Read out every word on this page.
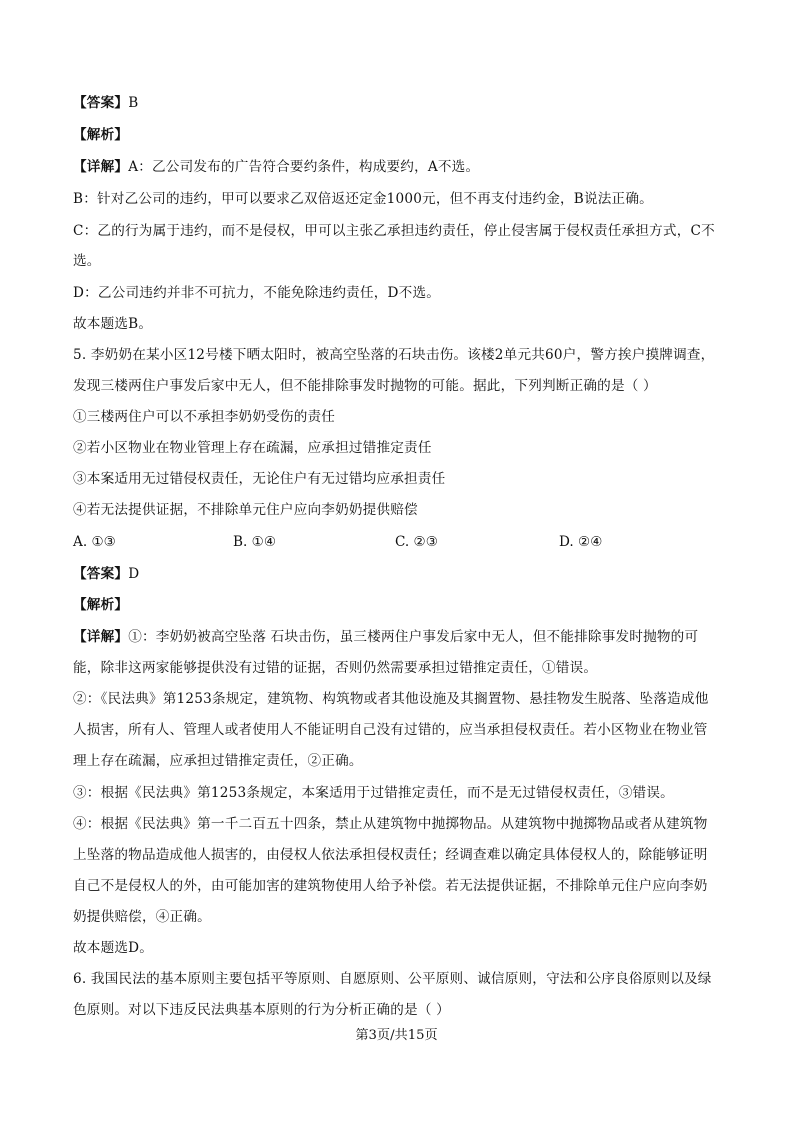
【答案】B
【解析】
【详解】A：乙公司发布的广告符合要约条件，构成要约，A不选。
B：针对乙公司的违约，甲可以要求乙双倍返还定金1000元，但不再支付违约金，B说法正确。
C：乙的行为属于违约，而不是侵权，甲可以主张乙承担违约责任，停止侵害属于侵权责任承担方式，C不
选。
D：乙公司违约并非不可抗力，不能免除违约责任，D不选。
故本题选B。
5. 李奶奶在某小区12号楼下晒太阳时，被高空坠落的石块击伤。该楼2单元共60户，警方挨户摸牌调查，
发现三楼两住户事发后家中无人，但不能排除事发时抛物的可能。据此，下列判断正确的是（ ）
①三楼两住户可以不承担李奶奶受伤的责任
②若小区物业在物业管理上存在疏漏，应承担过错推定责任
③本案适用无过错侵权责任，无论住户有无过错均应承担责任
④若无法提供证据，不排除单元住户应向李奶奶提供赔偿
A. ①③	B. ①④	C. ②③	D. ②④
【答案】D
【解析】
【详解】①：李奶奶被高空坠落 石块击伤，虽三楼两住户事发后家中无人，但不能排除事发时抛物的可
能，除非这两家能够提供没有过错的证据，否则仍然需要承担过错推定责任，①错误。
②：《民法典》第1253条规定，建筑物、构筑物或者其他设施及其搁置物、悬挂物发生脱落、坠落造成他
人损害，所有人、管理人或者使用人不能证明自己没有过错的，应当承担侵权责任。若小区物业在物业管
理上存在疏漏，应承担过错推定责任，②正确。
③：根据《民法典》第1253条规定，本案适用于过错推定责任，而不是无过错侵权责任，③错误。
④：根据《民法典》第一千二百五十四条，禁止从建筑物中抛掷物品。从建筑物中抛掷物品或者从建筑物
上坠落的物品造成他人损害的，由侵权人依法承担侵权责任；经调查难以确定具体侵权人的，除能够证明
自己不是侵权人的外，由可能加害的建筑物使用人给予补偿。若无法提供证据，不排除单元住户应向李奶
奶提供赔偿，④正确。
故本题选D。
6. 我国民法的基本原则主要包括平等原则、自愿原则、公平原则、诚信原则，守法和公序良俗原则以及绿
色原则。对以下违反民法典基本原则的行为分析正确的是（ ）
第3页/共15页
